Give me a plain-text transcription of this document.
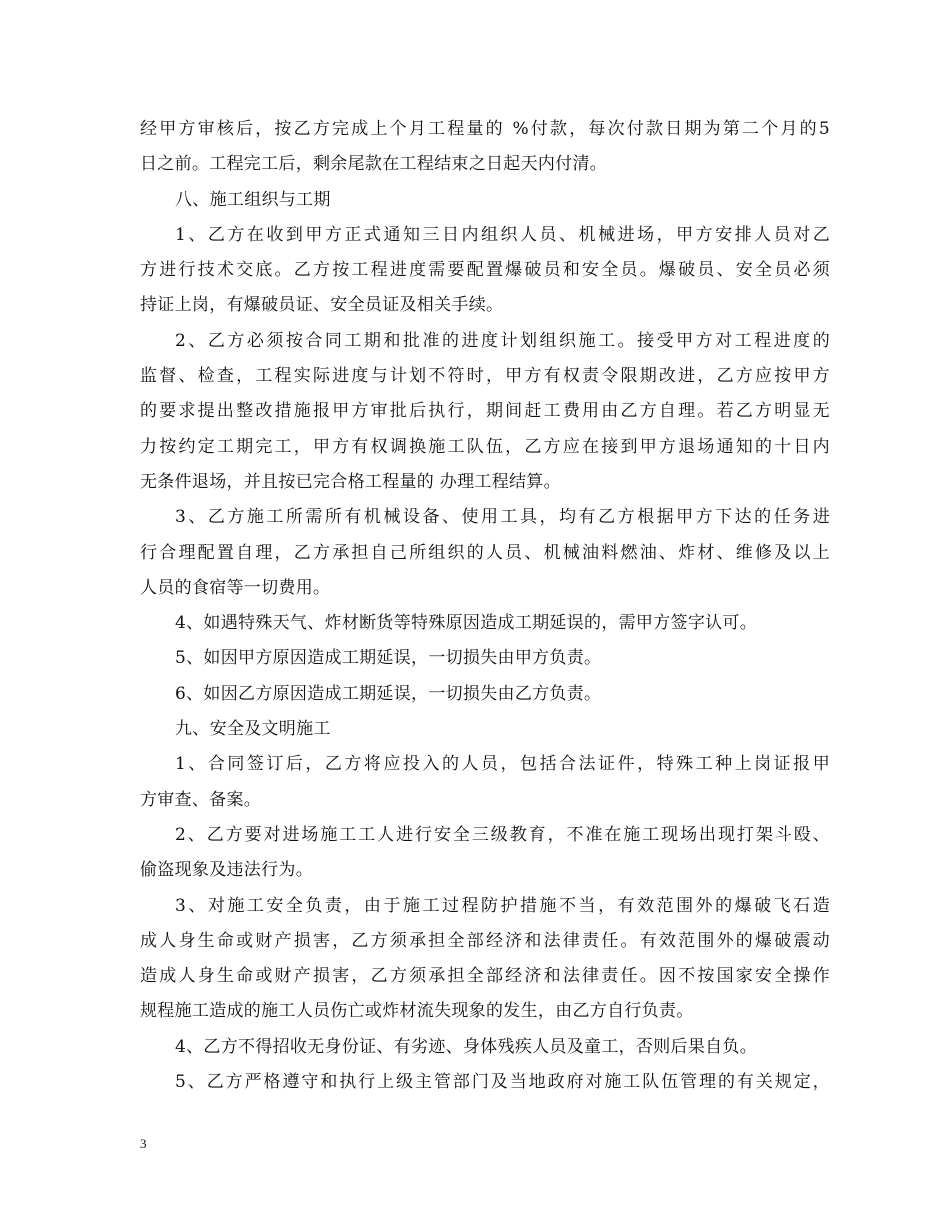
经甲方审核后，按乙方完成上个月工程量的 %付款，每次付款日期为第二个月的5
日之前。工程完工后，剩余尾款在工程结束之日起天内付清。
八、施工组织与工期
1、乙方在收到甲方正式通知三日内组织人员、机械进场，甲方安排人员对乙
方进行技术交底。乙方按工程进度需要配置爆破员和安全员。爆破员、安全员必须
持证上岗，有爆破员证、安全员证及相关手续。
2、乙方必须按合同工期和批准的进度计划组织施工。接受甲方对工程进度的
监督、检查，工程实际进度与计划不符时，甲方有权责令限期改进，乙方应按甲方
的要求提出整改措施报甲方审批后执行，期间赶工费用由乙方自理。若乙方明显无
力按约定工期完工，甲方有权调换施工队伍，乙方应在接到甲方退场通知的十日内
无条件退场，并且按已完合格工程量的 办理工程结算。
3、乙方施工所需所有机械设备、使用工具，均有乙方根据甲方下达的任务进
行合理配置自理，乙方承担自己所组织的人员、机械油料燃油、炸材、维修及以上
人员的食宿等一切费用。
4、如遇特殊天气、炸材断货等特殊原因造成工期延误的，需甲方签字认可。
5、如因甲方原因造成工期延误，一切损失由甲方负责。
6、如因乙方原因造成工期延误，一切损失由乙方负责。
九、安全及文明施工
1、合同签订后，乙方将应投入的人员，包括合法证件，特殊工种上岗证报甲
方审查、备案。
2、乙方要对进场施工工人进行安全三级教育，不准在施工现场出现打架斗殴、
偷盗现象及违法行为。
3、对施工安全负责，由于施工过程防护措施不当，有效范围外的爆破飞石造
成人身生命或财产损害，乙方须承担全部经济和法律责任。有效范围外的爆破震动
造成人身生命或财产损害，乙方须承担全部经济和法律责任。因不按国家安全操作
规程施工造成的施工人员伤亡或炸材流失现象的发生，由乙方自行负责。
4、乙方不得招收无身份证、有劣迹、身体残疾人员及童工，否则后果自负。
5、乙方严格遵守和执行上级主管部门及当地政府对施工队伍管理的有关规定，
3
